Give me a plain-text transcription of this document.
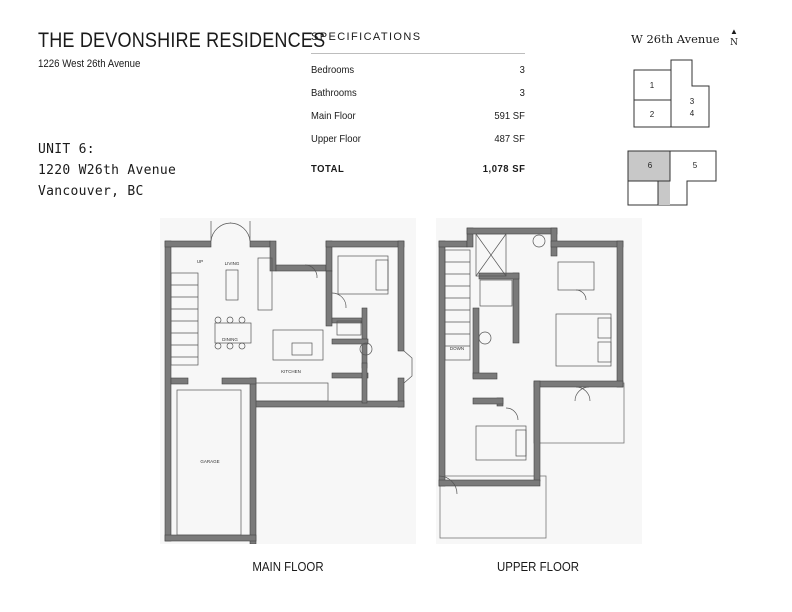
THE DEVONSHIRE RESIDENCES
1226 West 26th Avenue
UNIT 6:
1220 W26th Avenue
Vancouver, BC
SPECIFICATIONS
Bedrooms	3
Bathrooms	3
Main Floor	591 SF
Upper Floor	487 SF
TOTAL	1,078 SF
W 26th Avenue
▲
N
1
2
3
4
6	5
LIVING
DINING
KITCHEN
GARAGE
UP
DOWN
MAIN FLOOR	UPPER FLOOR
